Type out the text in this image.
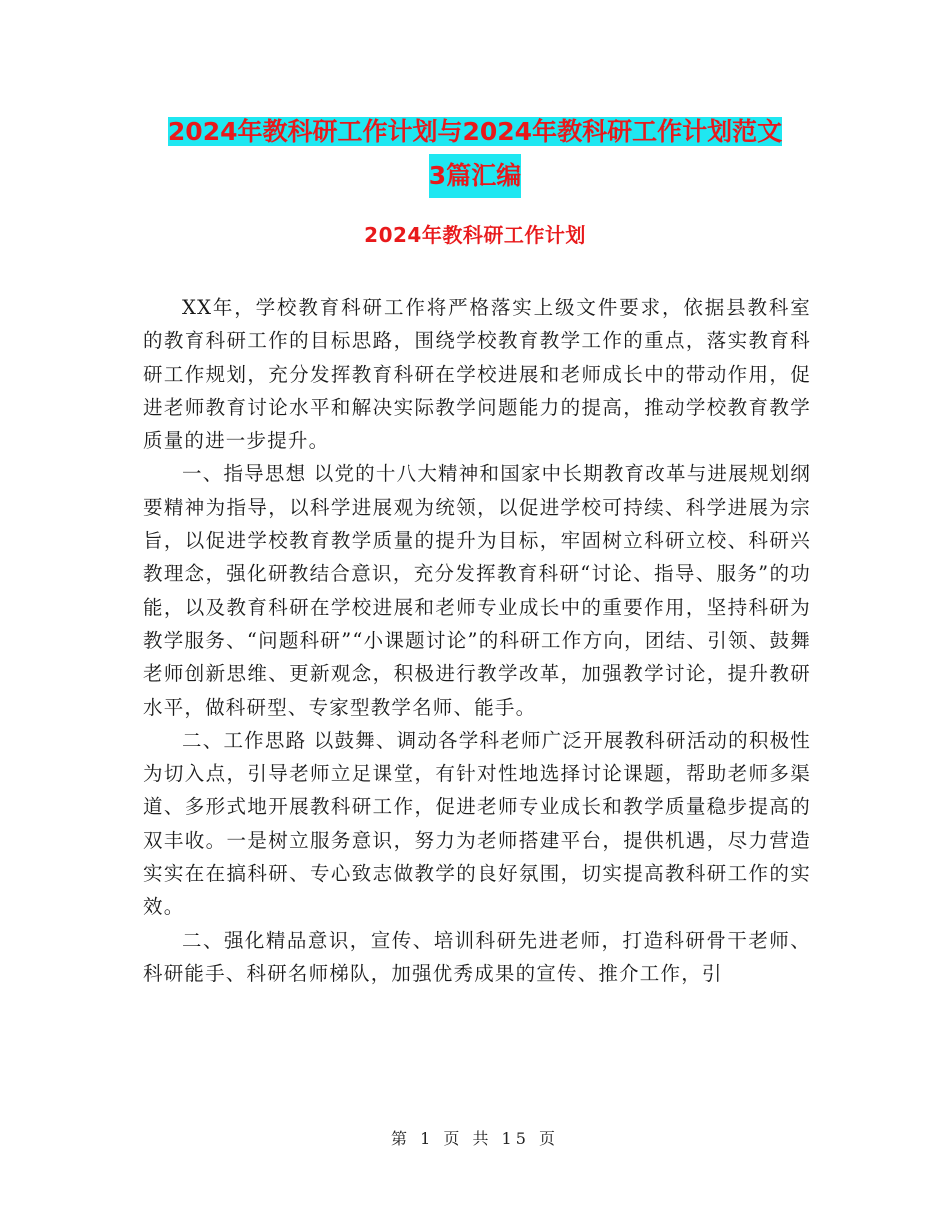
2024年教科研工作计划与2024年教科研工作计划范文
3篇汇编
2024年教科研工作计划

XX年，学校教育科研工作将严格落实上级文件要求，依据县教科室的教育科研工作的目标思路，围绕学校教育教学工作的重点，落实教育科研工作规划，充分发挥教育科研在学校进展和老师成长中的带动作用，促进老师教育讨论水平和解决实际教学问题能力的提高，推动学校教育教学质量的进一步提升。

一、指导思想 以党的十八大精神和国家中长期教育改革与进展规划纲要精神为指导，以科学进展观为统领，以促进学校可持续、科学进展为宗旨，以促进学校教育教学质量的提升为目标，牢固树立科研立校、科研兴教理念，强化研教结合意识，充分发挥教育科研“讨论、指导、服务”的功能，以及教育科研在学校进展和老师专业成长中的重要作用，坚持科研为教学服务、“问题科研”“小课题讨论”的科研工作方向，团结、引领、鼓舞老师创新思维、更新观念，积极进行教学改革，加强教学讨论，提升教研水平，做科研型、专家型教学名师、能手。

二、工作思路 以鼓舞、调动各学科老师广泛开展教科研活动的积极性为切入点，引导老师立足课堂，有针对性地选择讨论课题，帮助老师多渠道、多形式地开展教科研工作，促进老师专业成长和教学质量稳步提高的双丰收。一是树立服务意识，努力为老师搭建平台，提供机遇，尽力营造实实在在搞科研、专心致志做教学的良好氛围，切实提高教科研工作的实效。

二、强化精品意识，宣传、培训科研先进老师，打造科研骨干老师、科研能手、科研名师梯队，加强优秀成果的宣传、推介工作，引

第 1 页 共 15 页
